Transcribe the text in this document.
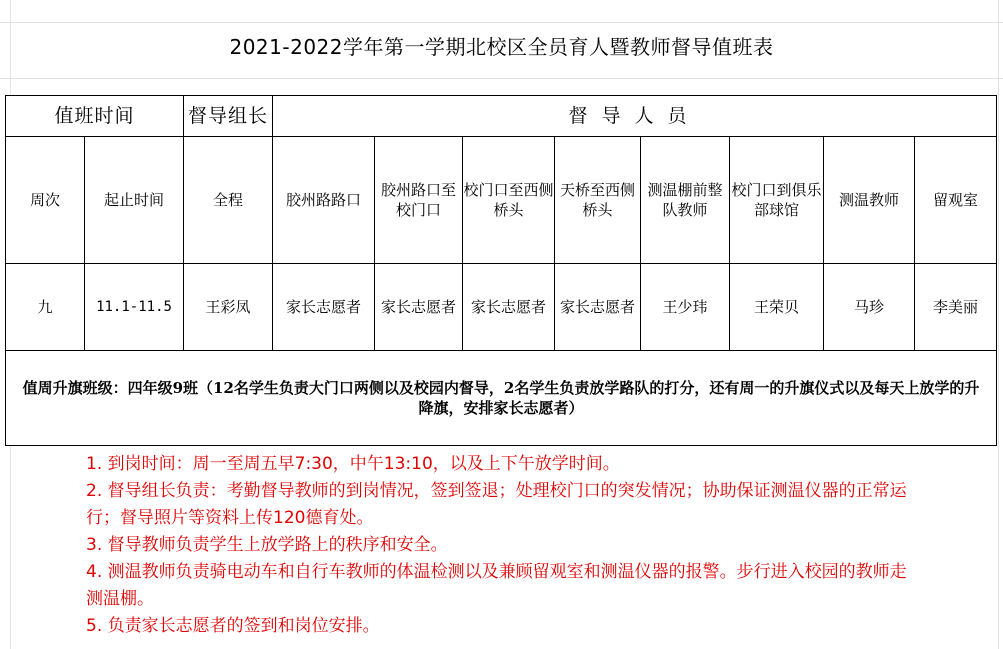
2021-2022学年第一学期北校区全员育人暨教师督导值班表
值班时间		督导组长	督导人员							
周次	起止时间	全程	胶州路路口	胶州路口至校门口	校门口至西侧桥头	天桥至西侧桥头	测温棚前整队教师	校门口到俱乐部球馆	测温教师	留观室
九	11.1-11.5	王彩凤	家长志愿者	家长志愿者	家长志愿者	家长志愿者	王少玮	王荣贝	马珍	李美丽
值周升旗班级：四年级9班（12名学生负责大门口两侧以及校园内督导，2名学生负责放学路队的打分，还有周一的升旗仪式以及每天上放学的升降旗，安排家长志愿者）										
1. 到岗时间：周一至周五早7:30，中午13:10，以及上下午放学时间。
2. 督导组长负责：考勤督导教师的到岗情况，签到签退；处理校门口的突发情况；协助保证测温仪器的正常运行；督导照片等资料上传120德育处。
3. 督导教师负责学生上放学路上的秩序和安全。
4. 测温教师负责骑电动车和自行车教师的体温检测以及兼顾留观室和测温仪器的报警。步行进入校园的教师走测温棚。
5. 负责家长志愿者的签到和岗位安排。
